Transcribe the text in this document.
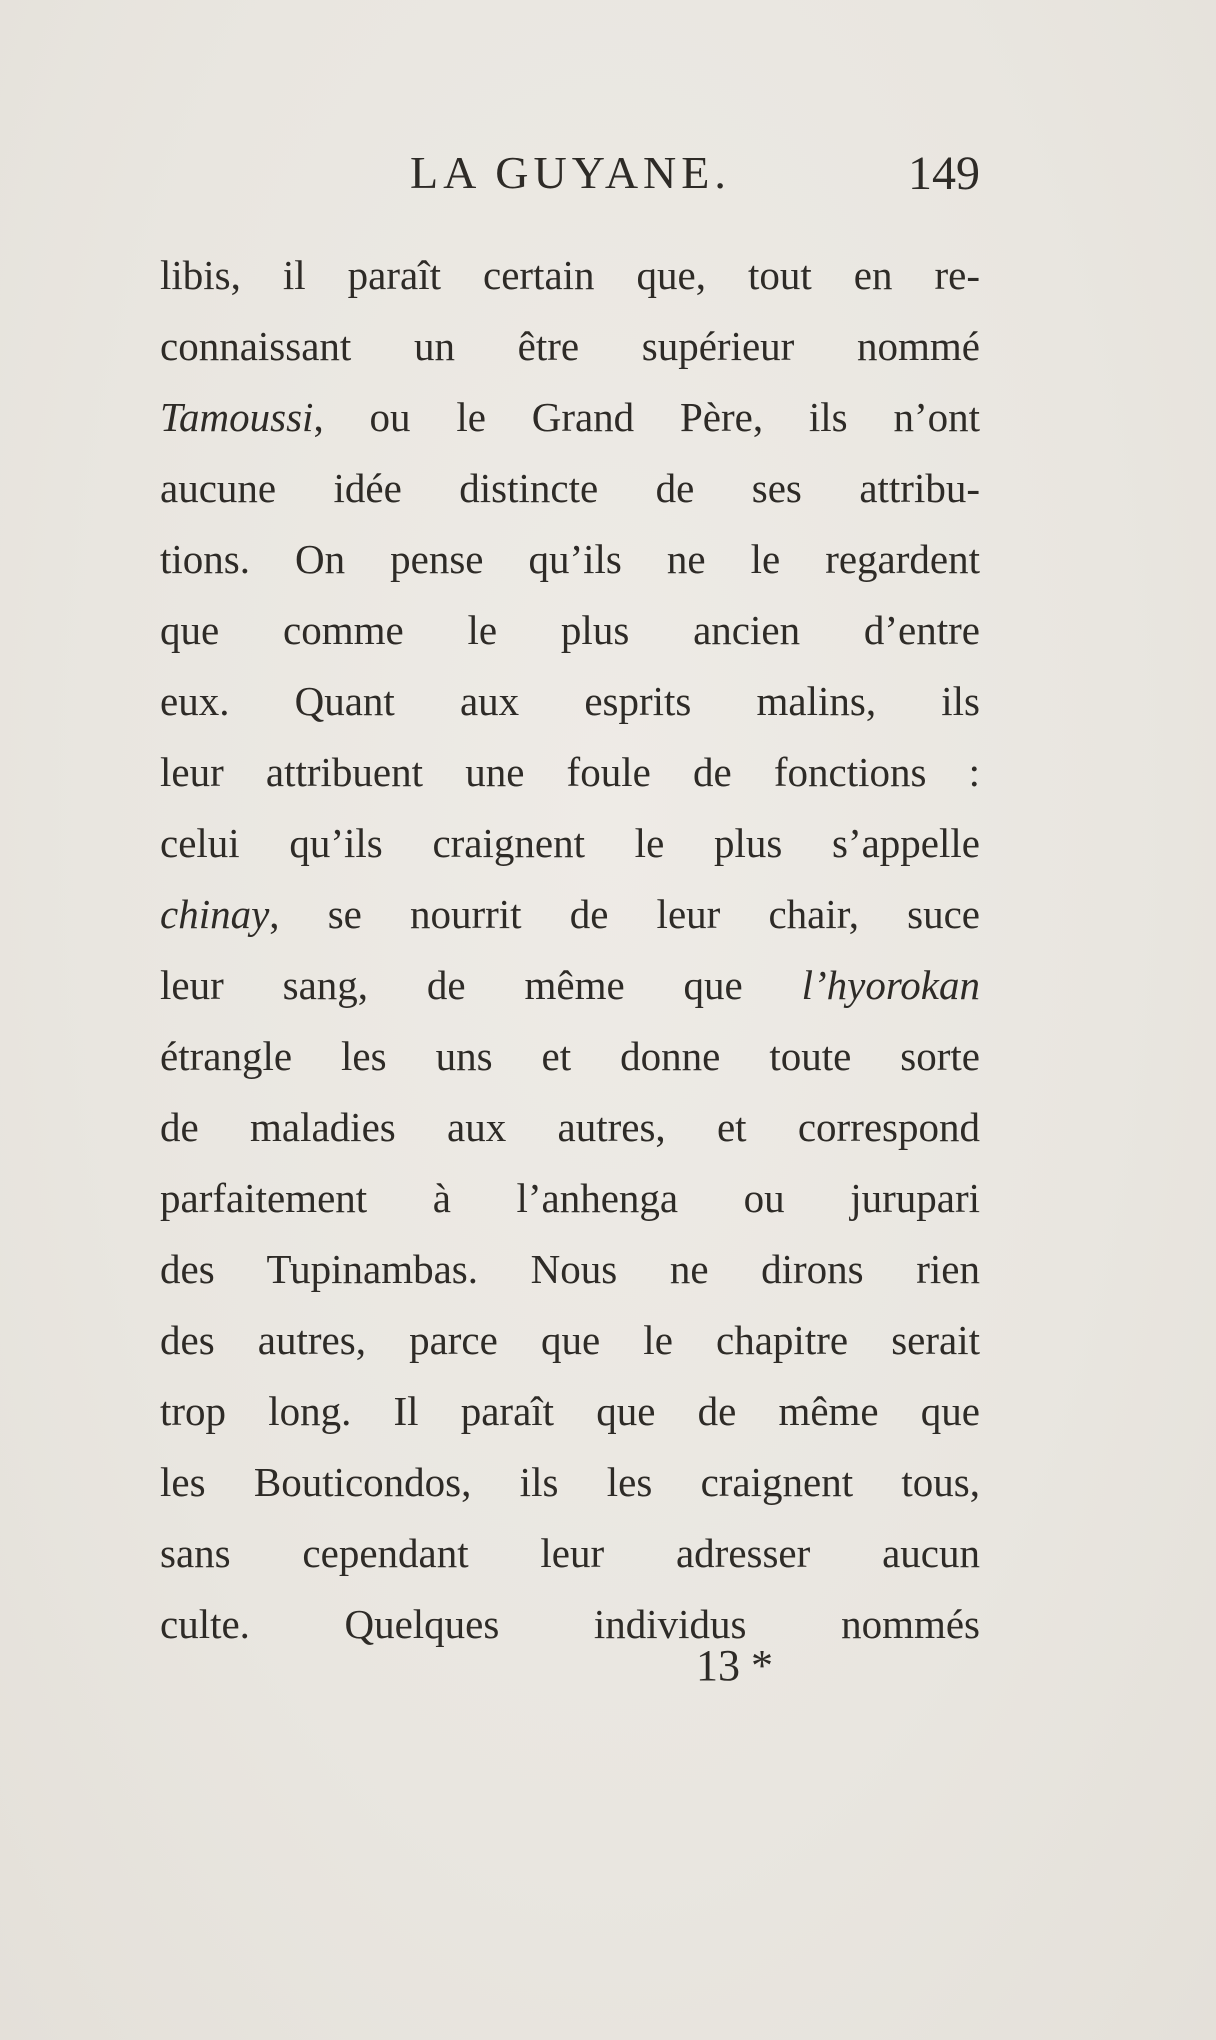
LA GUYANE.	149
libis, il paraît certain que, tout en re-
connaissant un être supérieur nommé
Tamoussi, ou le Grand Père, ils n’ont
aucune idée distincte de ses attribu-
tions. On pense qu’ils ne le regardent
que comme le plus ancien d’entre
eux. Quant aux esprits malins, ils
leur attribuent une foule de fonctions :
celui qu’ils craignent le plus s’appelle
chinay, se nourrit de leur chair, suce
leur sang, de même que l’hyorokan
étrangle les uns et donne toute sorte
de maladies aux autres, et correspond
parfaitement à l’anhenga ou jurupari
des Tupinambas. Nous ne dirons rien
des autres, parce que le chapitre serait
trop long. Il paraît que de même que
les Bouticondos, ils les craignent tous,
sans cependant leur adresser aucun
culte. Quelques individus nommés
13 *
